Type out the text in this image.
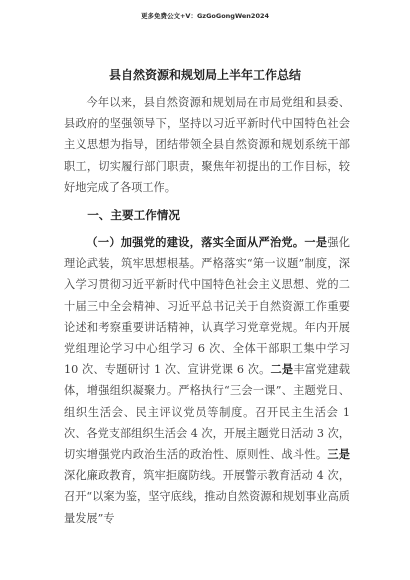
更多免费公文+V：GzGoGongWen2024
县自然资源和规划局上半年工作总结

今年以来，县自然资源和规划局在市局党组和县委、县政府的坚强领导下，坚持以习近平新时代中国特色社会主义思想为指导，团结带领全县自然资源和规划系统干部职工，切实履行部门职责，聚焦年初提出的工作目标，较好地完成了各项工作。

一、主要工作情况

（一）加强党的建设，落实全面从严治党。一是强化理论武装，筑牢思想根基。严格落实“第一议题”制度，深入学习贯彻习近平新时代中国特色社会主义思想、党的二十届三中全会精神、习近平总书记关于自然资源工作重要论述和考察重要讲话精神，认真学习党章党规。年内开展党组理论学习中心组学习 6 次、全体干部职工集中学习 10 次、专题研讨 1 次、宣讲党课 6 次。二是丰富党建载体，增强组织凝聚力。严格执行“三会一课”、主题党日、组织生活会、民主评议党员等制度。召开民主生活会 1 次、各党支部组织生活会 4 次，开展主题党日活动 3 次，切实增强党内政治生活的政治性、原则性、战斗性。三是深化廉政教育，筑牢拒腐防线。开展警示教育活动 4 次，召开“以案为鉴，坚守底线，推动自然资源和规划事业高质量发展”专
